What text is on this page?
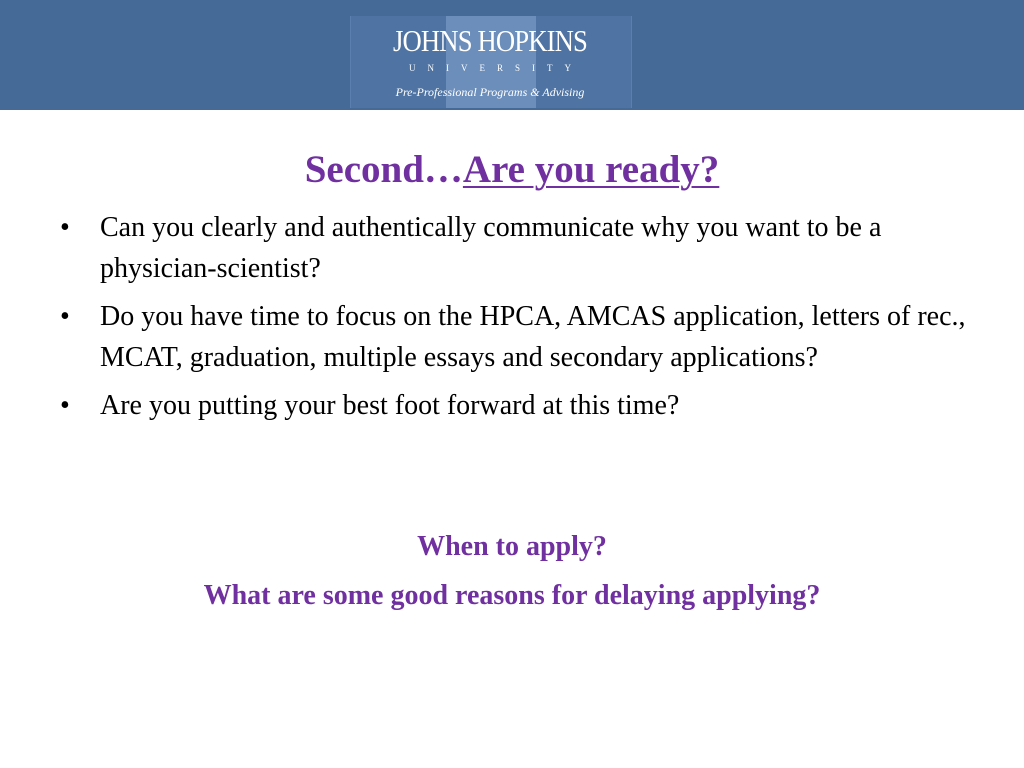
JOHNS HOPKINS
UNIVERSITY
Pre-Professional Programs & Advising
Second…Are you ready?
• Can you clearly and authentically communicate why you want to be a physician-scientist?
• Do you have time to focus on the HPCA, AMCAS application, letters of rec., MCAT, graduation, multiple essays and secondary applications?
• Are you putting your best foot forward at this time?
When to apply?
What are some good reasons for delaying applying?
